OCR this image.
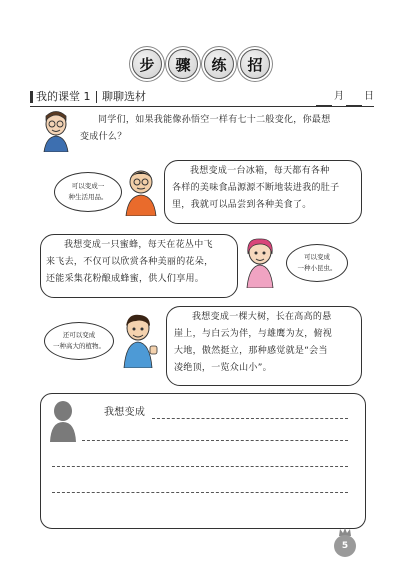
步	骤	练	招
我的课堂 1 聊聊选材	月 日
同学们，如果我能像孙悟空一样有七十二般变化，你最想
变成什么？
可以变成一
种生活用品。
我想变成一台冰箱，每天都有各种
各样的美味食品源源不断地装进我的肚子
里，我就可以品尝到各种美食了。
我想变成一只蜜蜂，每天在花丛中飞
来飞去，不仅可以欣赏各种美丽的花朵，
还能采集花粉酿成蜂蜜，供人们享用。
可以变成
一种小昆虫。
还可以变成
一种高大的植物。
我想变成一棵大树，长在高高的悬
崖上，与白云为伴，与雄鹰为友，俯视
大地，傲然挺立，那种感觉就是“会当
凌绝顶，一览众山小”。
我想变成
5
